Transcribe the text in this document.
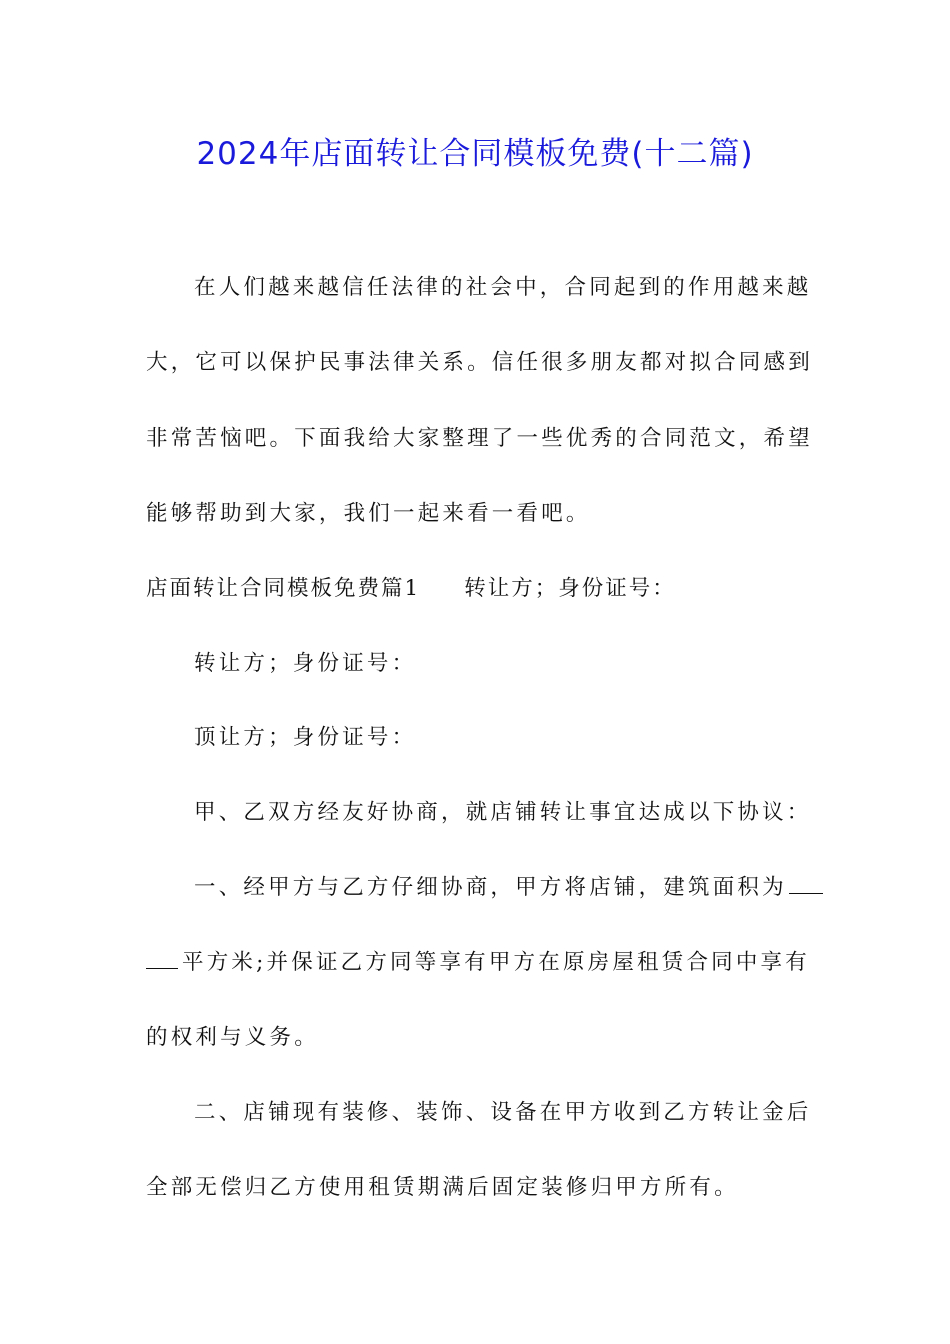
2024年店面转让合同模板免费(十二篇)
在人们越来越信任法律的社会中，合同起到的作用越来越
大，它可以保护民事法律关系。信任很多朋友都对拟合同感到
非常苦恼吧。下面我给大家整理了一些优秀的合同范文，希望
能够帮助到大家，我们一起来看一看吧。
店面转让合同模板免费篇1 转让方；身份证号：
转让方；身份证号：
顶让方；身份证号：
甲、乙双方经友好协商，就店铺转让事宜达成以下协议：
一、经甲方与乙方仔细协商，甲方将店铺，建筑面积为
平方米;并保证乙方同等享有甲方在原房屋租赁合同中享有
的权利与义务。
二、店铺现有装修、装饰、设备在甲方收到乙方转让金后
全部无偿归乙方使用租赁期满后固定装修归甲方所有。
